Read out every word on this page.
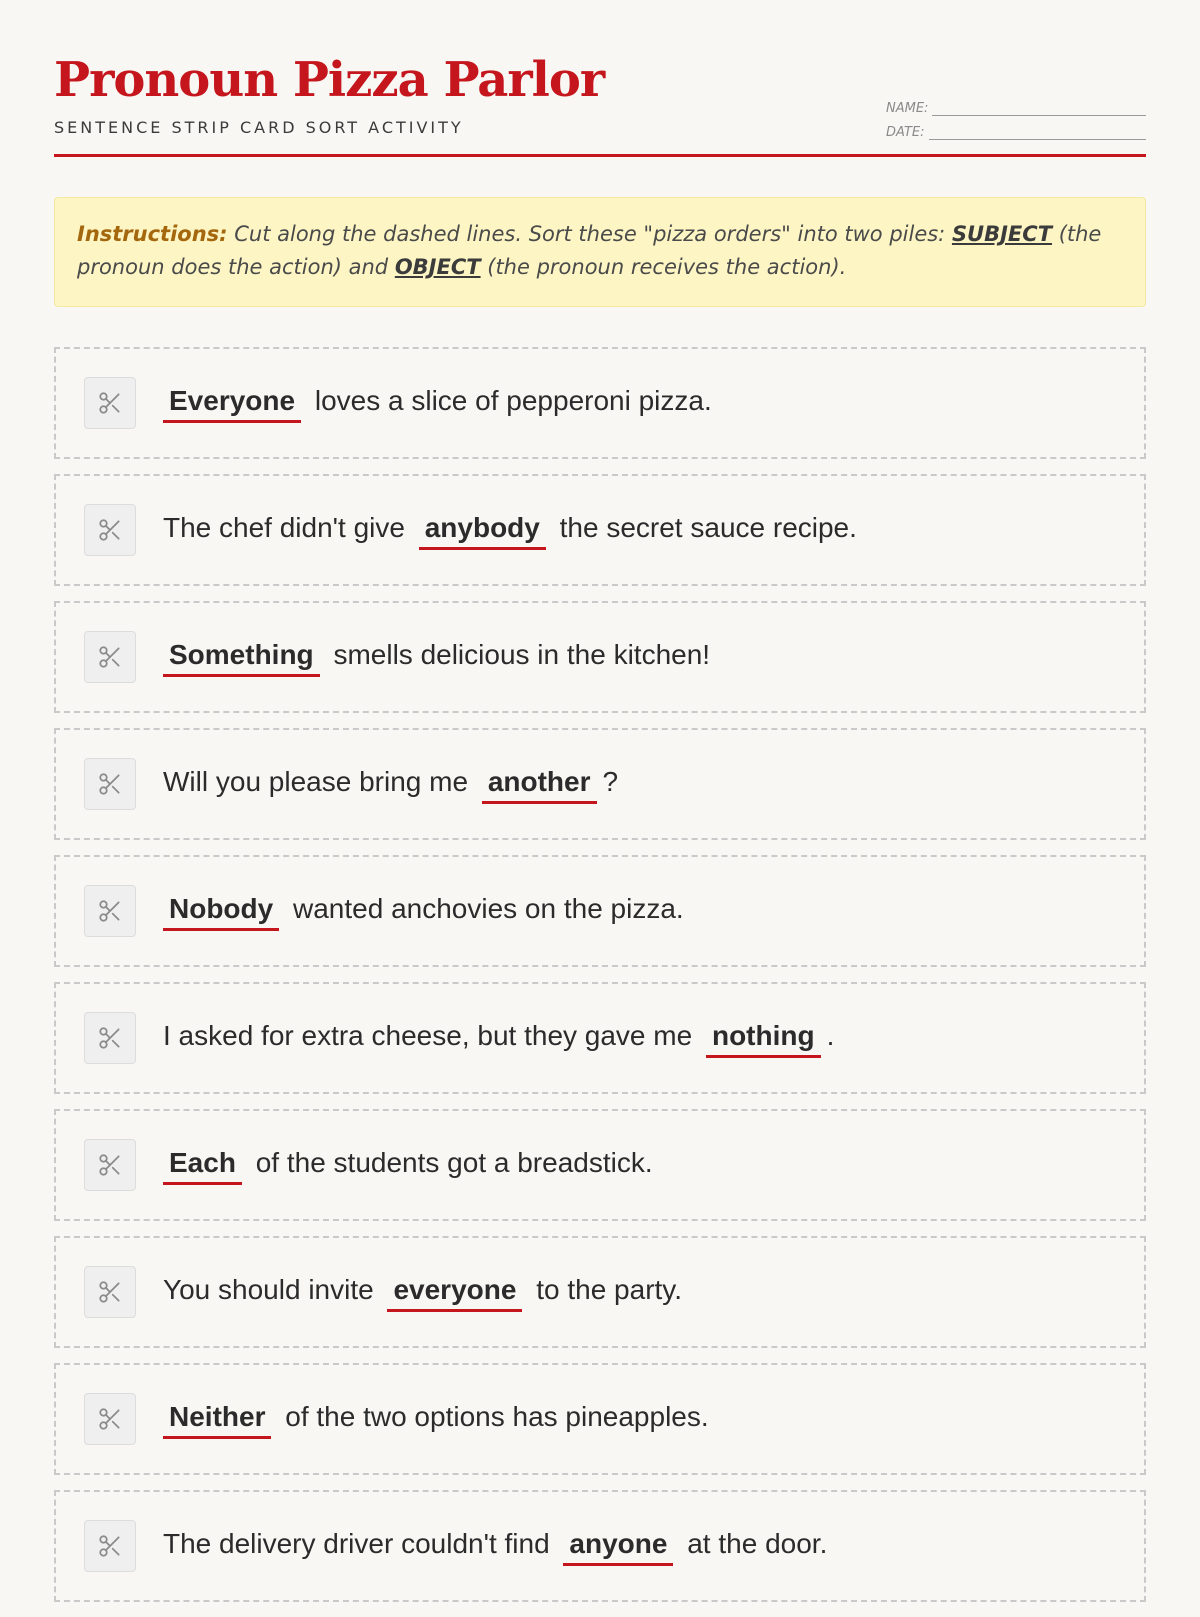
Pronoun Pizza Parlor
SENTENCE STRIP CARD SORT ACTIVITY
NAME:
DATE:
Instructions: Cut along the dashed lines. Sort these "pizza orders" into two piles: SUBJECT (the pronoun does the action) and OBJECT (the pronoun receives the action).
Everyone loves a slice of pepperoni pizza.
The chef didn't give anybody the secret sauce recipe.
Something smells delicious in the kitchen!
Will you please bring me another ?
Nobody wanted anchovies on the pizza.
I asked for extra cheese, but they gave me nothing .
Each of the students got a breadstick.
You should invite everyone to the party.
Neither of the two options has pineapples.
The delivery driver couldn't find anyone at the door.
